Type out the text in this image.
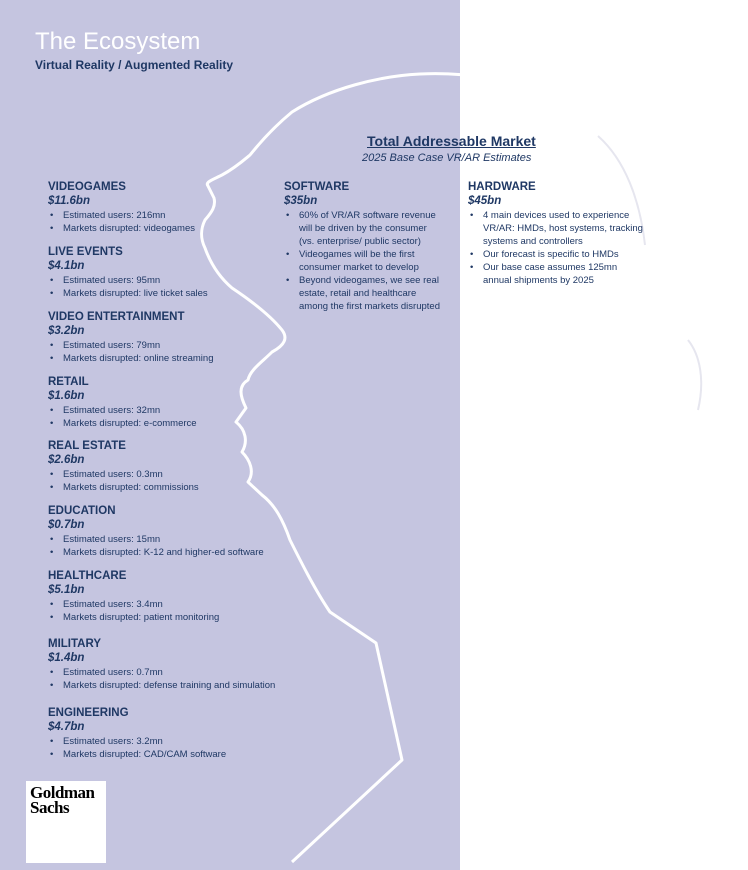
The Ecosystem
Virtual Reality / Augmented Reality
Total Addressable Market
2025 Base Case VR/AR Estimates
VIDEOGAMES
$11.6bn
• Estimated users: 216mn
• Markets disrupted: videogames
LIVE EVENTS
$4.1bn
• Estimated users: 95mn
• Markets disrupted: live ticket sales
VIDEO ENTERTAINMENT
$3.2bn
• Estimated users: 79mn
• Markets disrupted: online streaming
RETAIL
$1.6bn
• Estimated users: 32mn
• Markets disrupted: e-commerce
REAL ESTATE
$2.6bn
• Estimated users: 0.3mn
• Markets disrupted: commissions
EDUCATION
$0.7bn
• Estimated users: 15mn
• Markets disrupted: K-12 and higher-ed software
HEALTHCARE
$5.1bn
• Estimated users: 3.4mn
• Markets disrupted: patient monitoring
MILITARY
$1.4bn
• Estimated users: 0.7mn
• Markets disrupted: defense training and simulation
ENGINEERING
$4.7bn
• Estimated users: 3.2mn
• Markets disrupted: CAD/CAM software
SOFTWARE
$35bn
• 60% of VR/AR software revenue will be driven by the consumer (vs. enterprise/ public sector)
• Videogames will be the first consumer market to develop
• Beyond videogames, we see real estate, retail and healthcare among the first markets disrupted
HARDWARE
$45bn
• 4 main devices used to experience VR/AR: HMDs, host systems, tracking systems and controllers
• Our forecast is specific to HMDs
• Our base case assumes 125mn annual shipments by 2025
Goldman
Sachs
